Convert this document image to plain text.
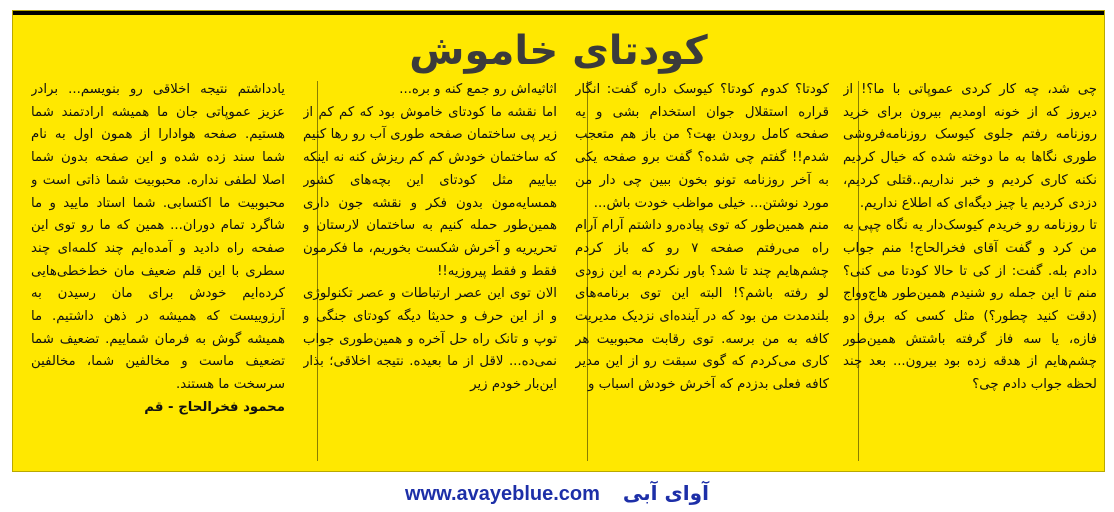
کودتای خاموش

چی شد، چه کار کردی عموپاتی با ما؟! از دیروز که از خونه اومدیم بیرون برای خرید روزنامه رفتم جلوی کیوسک روزنامه‌فروشی طوری نگاها به ما دوخته شده که خیال کردیم نکنه کاری کردیم و خبر نداریم..قتلی کردیم، دزدی کردیم یا چیز دیگه‌ای که اطلاع نداریم.

تا روزنامه رو خریدم کیوسک‌دار یه نگاه چپی به من کرد و گفت آقای فخرالحاج! منم جواب دادم بله. گفت: از کی تا حالا کودتا می کنی؟ منم تا این جمله رو شنیدم همین‌طور هاج‌وواج (دقت کنید چطور؟) مثل کسی که برق دو فازه، یا سه فاز گرفته باشتش همین‌طور چشم‌هایم از هدقه زده بود بیرون... بعد چند لحظه جواب دادم چی؟

کودتا؟ کدوم کودتا؟ کیوسک داره گفت: انگار قراره استقلال جوان استخدام بشی و یه صفحه کامل روبدن بهت؟ من باز هم متعجب شدم!! گفتم چی شده؟ گفت برو صفحه یکی به آخر روزنامه تونو بخون ببین چی دار من مورد نوشتن... خیلی مواظب خودت باش...

منم همین‌طور که توی پیاده‌رو داشتم آرام آرام راه می‌رفتم صفحه ۷ رو که باز کردم چشم‌هایم چند تا شد؟ باور نکردم به این زودی لو رفته باشم؟! البته این توی برنامه‌های بلندمدت من بود که در آینده‌ای نزدیک مدیریت کافه به من برسه. توی رقابت محبوبیت هر کاری می‌کردم که گوی سبقت رو از این مدیر کافه فعلی بدزدم که آخرش خودش اسباب و

اثاثیه‌اش رو جمع کنه و بره...

اما نقشه ما کودتای خاموش بود که کم کم از زیر پی ساختمان صفحه طوری آب رو رها کنیم که ساختمان خودش کم کم ریزش کنه نه اینکه بیاییم مثل کودتای این بچه‌های کشور همسایه‌مون بدون فکر و نقشه جون داری همین‌طور حمله کنیم به ساختمان لارستان و تحریریه و آخرش شکست بخوریم، ما فکرمون فقط و فقط پیروزیه!!

الان توی این عصر ارتباطات و عصر تکنولوژی و از این حرف و حدیثا دیگه کودتای جنگی و توپ و تانک راه حل آخره و همین‌طوری جواب نمی‌ده... لاقل از ما بعیده. نتیجه اخلاقی؛ بذار این‌بار خودم زیر

یادداشتم نتیجه اخلاقی رو بنویسم... برادر عزیز عموپاتی جان ما همیشه ارادتمند شما هستیم. صفحه هوادارا از همون اول به نام شما سند زده شده و این صفحه بدون شما اصلا لطفی نداره. محبوبیت شما ذاتی است و محبوبیت ما اکتسابی. شما استاد مایید و ما شاگرد تمام دوران... همین که ما رو توی این صفحه راه دادید و آمده‌ایم چند کلمه‌ای چند سطری با این قلم ضعیف مان خط‌خطی‌هایی کرده‌ایم خودش برای مان رسیدن به آرزوییست که همیشه در ذهن داشتیم. ما همیشه گوش به فرمان شماییم. تضعیف شما تضعیف ماست و مخالفین شما، مخالفین سرسخت ما هستند.

محمود فخرالحاج - قم

www.avayeblue.com آوای آبی
